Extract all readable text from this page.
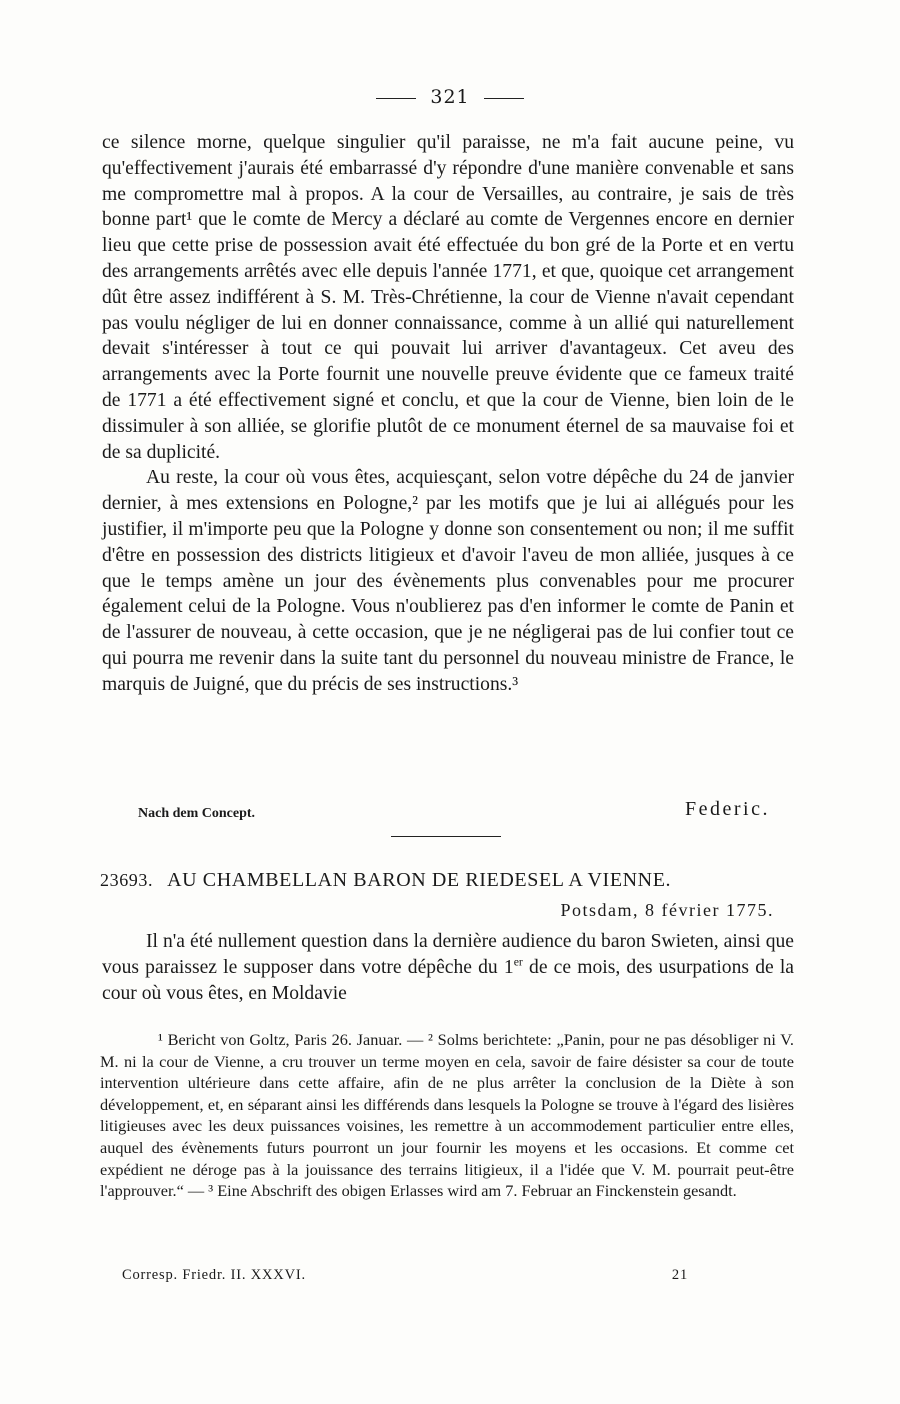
321

ce silence morne, quelque singulier qu'il paraisse, ne m'a fait aucune peine, vu qu'effectivement j'aurais été embarrassé d'y répondre d'une manière convenable et sans me compromettre mal à propos. A la cour de Versailles, au contraire, je sais de très bonne part¹ que le comte de Mercy a déclaré au comte de Vergennes encore en dernier lieu que cette prise de possession avait été effectuée du bon gré de la Porte et en vertu des arrangements arrêtés avec elle depuis l'année 1771, et que, quoique cet arrangement dût être assez indifférent à S. M. Très-Chrétienne, la cour de Vienne n'avait cependant pas voulu négliger de lui en donner connaissance, comme à un allié qui naturellement devait s'intéresser à tout ce qui pouvait lui arriver d'avantageux. Cet aveu des arrangements avec la Porte fournit une nouvelle preuve évidente que ce fameux traité de 1771 a été effectivement signé et conclu, et que la cour de Vienne, bien loin de le dissimuler à son alliée, se glorifie plutôt de ce monument éternel de sa mauvaise foi et de sa duplicité.

Au reste, la cour où vous êtes, acquiesçant, selon votre dépêche du 24 de janvier dernier, à mes extensions en Pologne,² par les motifs que je lui ai allégués pour les justifier, il m'importe peu que la Pologne y donne son consentement ou non; il me suffit d'être en possession des districts litigieux et d'avoir l'aveu de mon alliée, jusques à ce que le temps amène un jour des évènements plus convenables pour me procurer également celui de la Pologne. Vous n'oublierez pas d'en informer le comte de Panin et de l'assurer de nouveau, à cette occasion, que je ne négligerai pas de lui confier tout ce qui pourra me revenir dans la suite tant du personnel du nouveau ministre de France, le marquis de Juigné, que du précis de ses instructions.³

Nach dem Concept.	Federic.
23693. AU CHAMBELLAN BARON DE RIEDESEL A VIENNE.
Potsdam, 8 février 1775.

Il n'a été nullement question dans la dernière audience du baron Swieten, ainsi que vous paraissez le supposer dans votre dépêche du 1er de ce mois, des usurpations de la cour où vous êtes, en Moldavie

¹ Bericht von Goltz, Paris 26. Januar. — ² Solms berichtete: „Panin, pour ne pas désobliger ni V. M. ni la cour de Vienne, a cru trouver un terme moyen en cela, savoir de faire désister sa cour de toute intervention ultérieure dans cette affaire, afin de ne plus arrêter la conclusion de la Diète à son développement, et, en séparant ainsi les différends dans lesquels la Pologne se trouve à l'égard des lisières litigieuses avec les deux puissances voisines, les remettre à un accommodement particulier entre elles, auquel des évènements futurs pourront un jour fournir les moyens et les occasions. Et comme cet expédient ne déroge pas à la jouissance des terrains litigieux, il a l'idée que V. M. pourrait peut-être l'approuver.“ — ³ Eine Abschrift des obigen Erlasses wird am 7. Februar an Finckenstein gesandt.

Corresp. Friedr. II. XXXVI.	21
